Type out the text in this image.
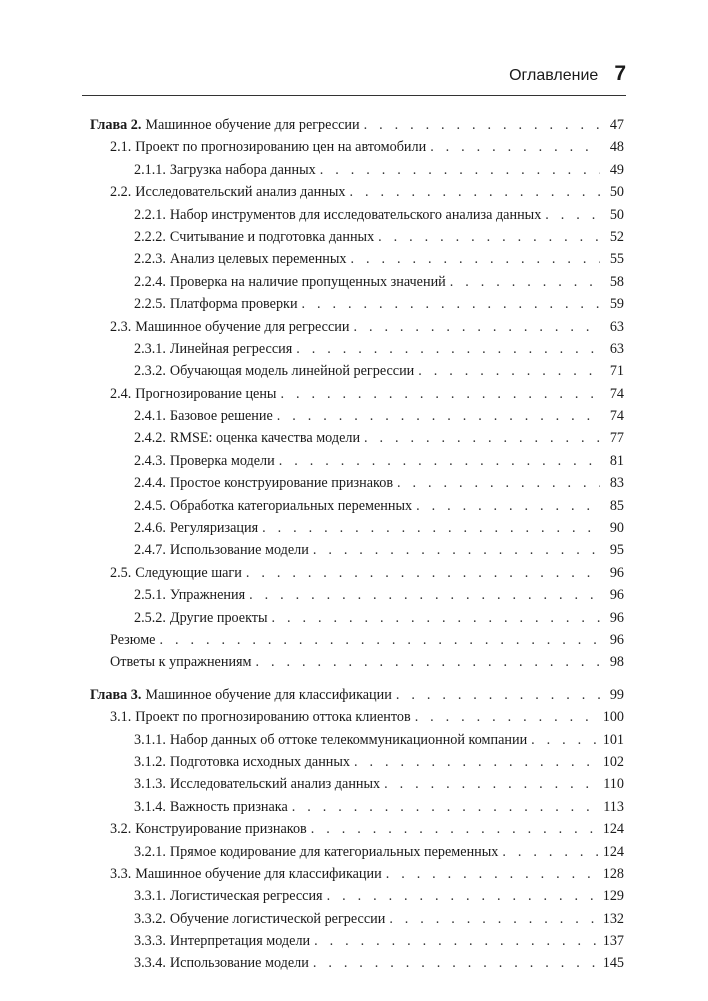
Оглавление 7
Глава 2. Машинное обучение для регрессии . . .	47
2.1. Проект по прогнозированию цен на автомобили . . .	48
2.1.1. Загрузка набора данных . . .	49
2.2. Исследовательский анализ данных . . .	50
2.2.1. Набор инструментов для исследовательского анализа данных . . .	50
2.2.2. Считывание и подготовка данных . . .	52
2.2.3. Анализ целевых переменных . . .	55
2.2.4. Проверка на наличие пропущенных значений . . .	58
2.2.5. Платформа проверки . . .	59
2.3. Машинное обучение для регрессии . . .	63
2.3.1. Линейная регрессия . . .	63
2.3.2. Обучающая модель линейной регрессии . . .	71
2.4. Прогнозирование цены . . .	74
2.4.1. Базовое решение . . .	74
2.4.2. RMSE: оценка качества модели . . .	77
2.4.3. Проверка модели . . .	81
2.4.4. Простое конструирование признаков . . .	83
2.4.5. Обработка категориальных переменных . . .	85
2.4.6. Регуляризация . . .	90
2.4.7. Использование модели . . .	95
2.5. Следующие шаги . . .	96
2.5.1. Упражнения . . .	96
2.5.2. Другие проекты . . .	96
Резюме . . .	96
Ответы к упражнениям . . .	98
Глава 3. Машинное обучение для классификации . . .	99
3.1. Проект по прогнозированию оттока клиентов . . .	100
3.1.1. Набор данных об оттоке телекоммуникационной компании . . .	101
3.1.2. Подготовка исходных данных . . .	102
3.1.3. Исследовательский анализ данных . . .	110
3.1.4. Важность признака . . .	113
3.2. Конструирование признаков . . .	124
3.2.1. Прямое кодирование для категориальных переменных . . .	124
3.3. Машинное обучение для классификации . . .	128
3.3.1. Логистическая регрессия . . .	129
3.3.2. Обучение логистической регрессии . . .	132
3.3.3. Интерпретация модели . . .	137
3.3.4. Использование модели . . .	145
